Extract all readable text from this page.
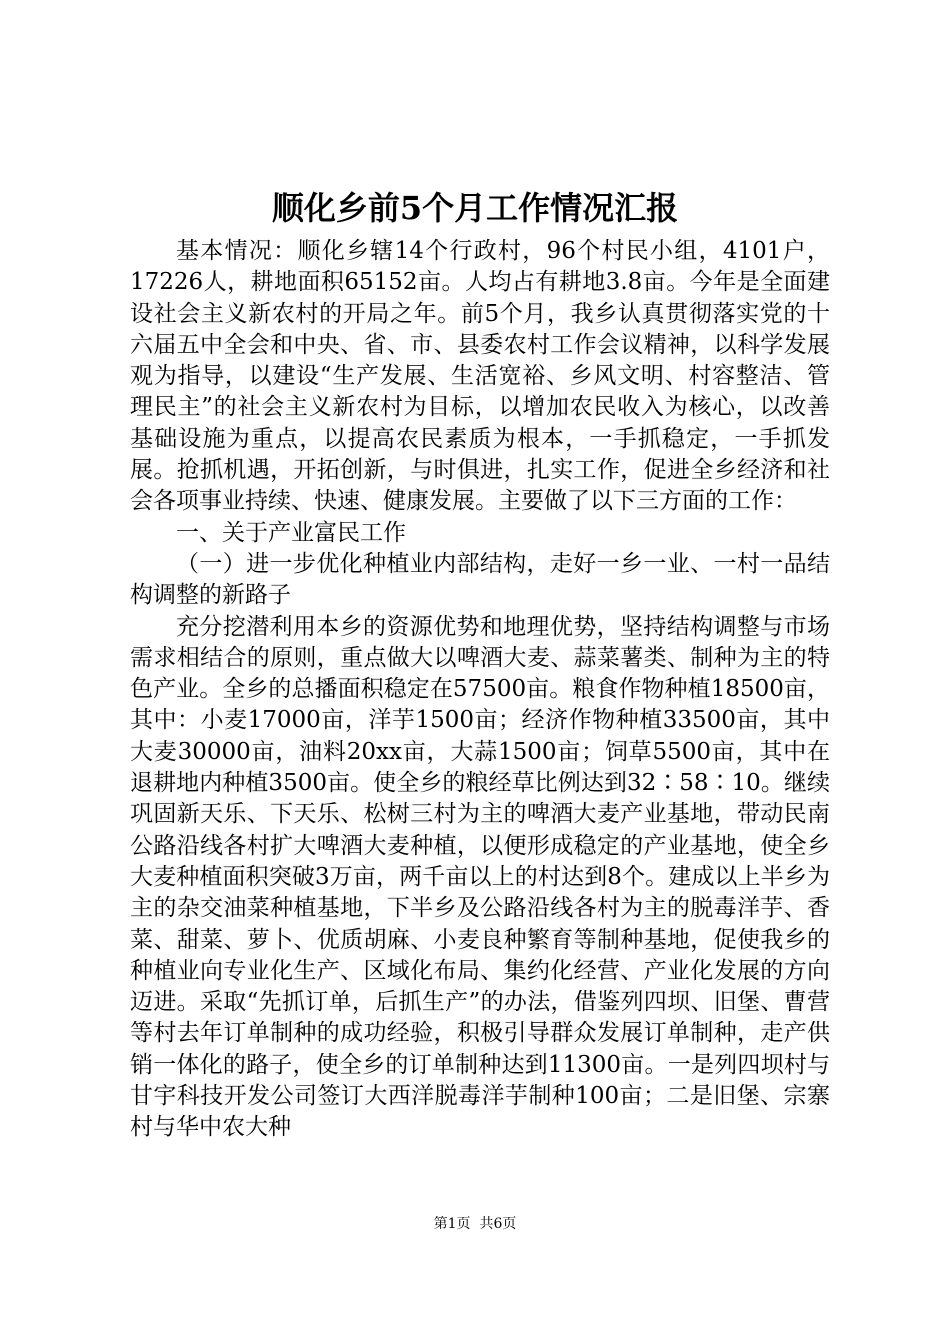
顺化乡前5个月工作情况汇报

基本情况：顺化乡辖14个行政村，96个村民小组，4101户，17226人，耕地面积65152亩。人均占有耕地3.8亩。今年是全面建设社会主义新农村的开局之年。前5个月，我乡认真贯彻落实党的十六届五中全会和中央、省、市、县委农村工作会议精神，以科学发展观为指导，以建设“生产发展、生活宽裕、乡风文明、村容整洁、管理民主”的社会主义新农村为目标，以增加农民收入为核心，以改善基础设施为重点，以提高农民素质为根本，一手抓稳定，一手抓发展。抢抓机遇，开拓创新，与时俱进，扎实工作，促进全乡经济和社会各项事业持续、快速、健康发展。主要做了以下三方面的工作：

一、关于产业富民工作

（一）进一步优化种植业内部结构，走好一乡一业、一村一品结构调整的新路子

充分挖潜利用本乡的资源优势和地理优势，坚持结构调整与市场需求相结合的原则，重点做大以啤酒大麦、蒜菜薯类、制种为主的特色产业。全乡的总播面积稳定在57500亩。粮食作物种植18500亩，其中：小麦17000亩，洋芋1500亩；经济作物种植33500亩，其中大麦30000亩，油料20xx亩，大蒜1500亩；饲草5500亩，其中在退耕地内种植3500亩。使全乡的粮经草比例达到32∶58∶10。继续巩固新天乐、下天乐、松树三村为主的啤酒大麦产业基地，带动民南公路沿线各村扩大啤酒大麦种植，以便形成稳定的产业基地，使全乡大麦种植面积突破3万亩，两千亩以上的村达到8个。建成以上半乡为主的杂交油菜种植基地，下半乡及公路沿线各村为主的脱毒洋芋、香菜、甜菜、萝卜、优质胡麻、小麦良种繁育等制种基地，促使我乡的种植业向专业化生产、区域化布局、集约化经营、产业化发展的方向迈进。采取“先抓订单，后抓生产”的办法，借鉴列四坝、旧堡、曹营等村去年订单制种的成功经验，积极引导群众发展订单制种，走产供销一体化的路子，使全乡的订单制种达到11300亩。一是列四坝村与甘宇科技开发公司签订大西洋脱毒洋芋制种100亩；二是旧堡、宗寨村与华中农大种

第1页  共6页
